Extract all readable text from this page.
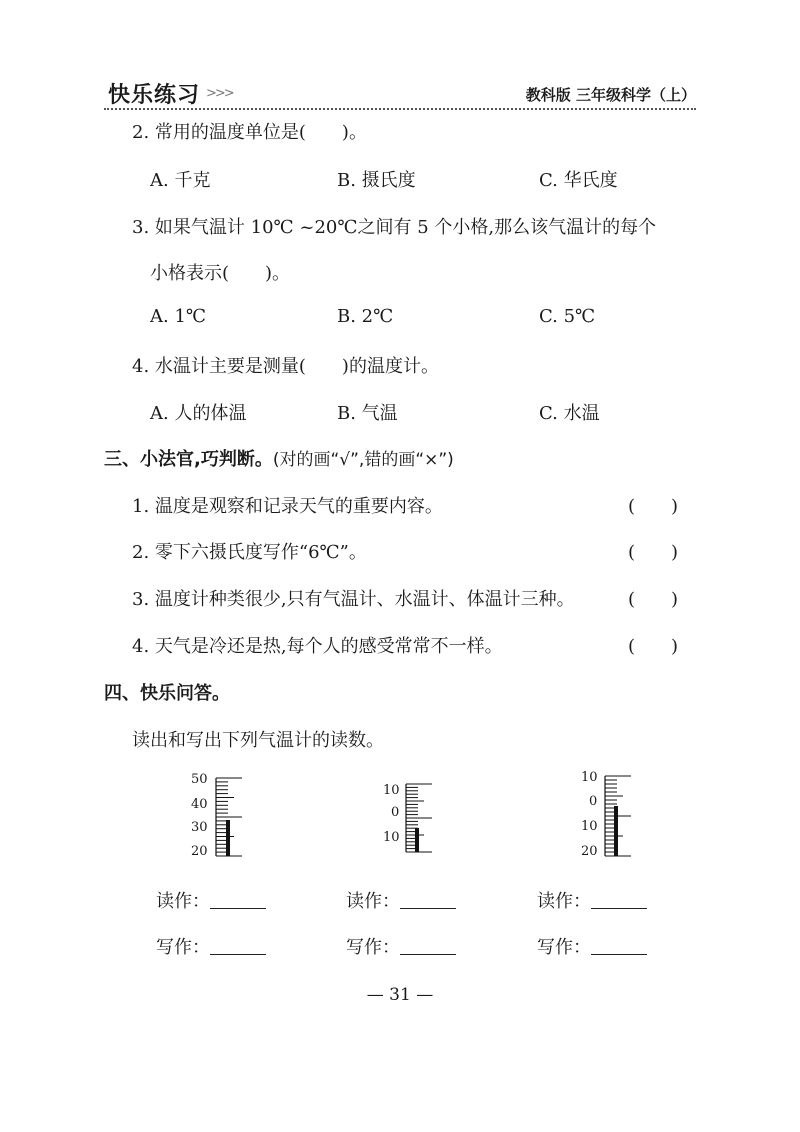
快乐练习 >>>	教科版 三年级科学（上）
2. 常用的温度单位是(　　)。
A. 千克	B. 摄氏度	C. 华氏度
3. 如果气温计 10℃ ~20℃之间有 5 个小格,那么该气温计的每个
小格表示(　　)。
A. 1℃	B. 2℃	C. 5℃
4. 水温计主要是测量(　　)的温度计。
A. 人的体温	B. 气温	C. 水温
三、小法官,巧判断。(对的画“√”,错的画“×”)
1. 温度是观察和记录天气的重要内容。	(　　)
2. 零下六摄氏度写作“6℃”。	(　　)
3. 温度计种类很少,只有气温计、水温计、体温计三种。	(　　)
4. 天气是冷还是热,每个人的感受常常不一样。	(　　)
四、快乐问答。
读出和写出下列气温计的读数。
50
40
30
20
10
0
10
10
0
10
20
读作：	读作：	读作：
写作：	写作：	写作：
— 31 —
